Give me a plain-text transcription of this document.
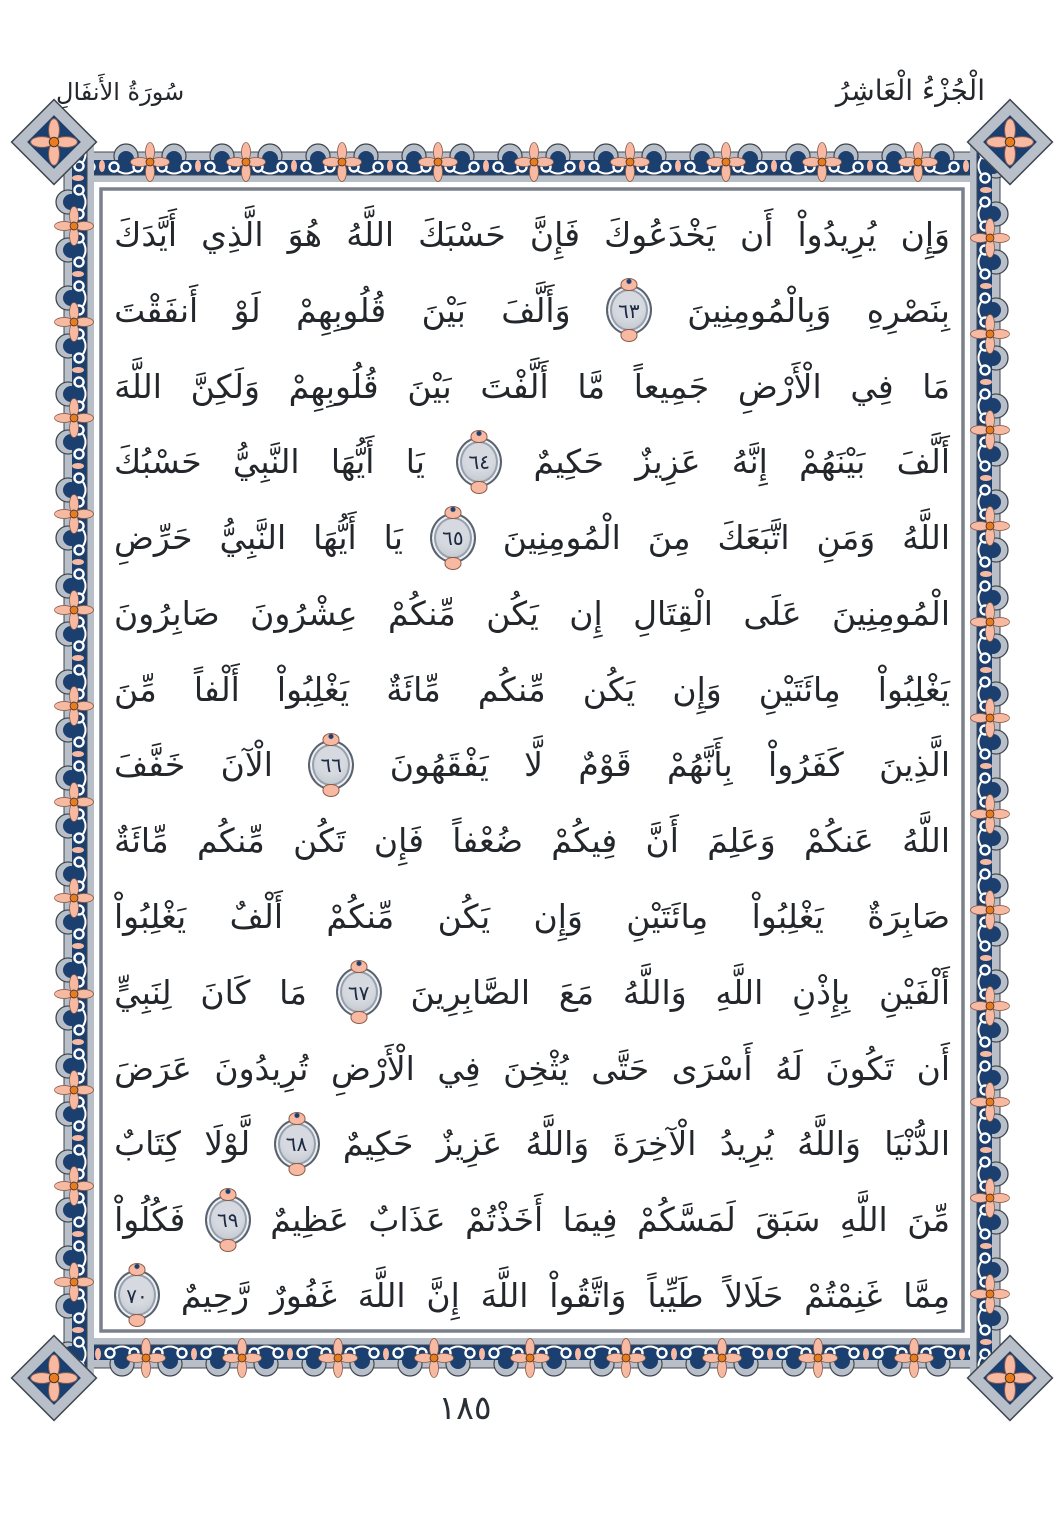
الْجُزْءُ الْعَاشِرُ
سُورَةُ الأَنفَالِ
وَإِن
يُرِيدُواْ
أَن
يَخْدَعُوكَ
فَإِنَّ
حَسْبَكَ
اللَّهُ
هُوَ
الَّذِي
أَيَّدَكَ
بِنَصْرِهِ
وَبِالْمُومِنِينَ
٦٣
وَأَلَّفَ
بَيْنَ
قُلُوبِهِمْ
لَوْ
أَنفَقْتَ
مَا
فِي
الْأَرْضِ
جَمِيعاً
مَّا
أَلَّفْتَ
بَيْنَ
قُلُوبِهِمْ
وَلَكِنَّ
اللَّهَ
أَلَّفَ
بَيْنَهُمْ
إِنَّهُ
عَزِيزٌ
حَكِيمٌ
٦٤
يَا
أَيُّهَا
النَّبِيُّ
حَسْبُكَ
اللَّهُ
وَمَنِ
اتَّبَعَكَ
مِنَ
الْمُومِنِينَ
٦٥
يَا
أَيُّهَا
النَّبِيُّ
حَرِّضِ
الْمُومِنِينَ
عَلَى
الْقِتَالِ
إِن
يَكُن
مِّنكُمْ
عِشْرُونَ
صَابِرُونَ
يَغْلِبُواْ
مِائَتَيْنِ
وَإِن
يَكُن
مِّنكُم
مِّائَةٌ
يَغْلِبُواْ
أَلْفاً
مِّنَ
الَّذِينَ
كَفَرُواْ
بِأَنَّهُمْ
قَوْمٌ
لَّا
يَفْقَهُونَ
٦٦
الْآنَ
خَفَّفَ
اللَّهُ
عَنكُمْ
وَعَلِمَ
أَنَّ
فِيكُمْ
ضُعْفاً
فَإِن
تَكُن
مِّنكُم
مِّائَةٌ
صَابِرَةٌ
يَغْلِبُواْ
مِائَتَيْنِ
وَإِن
يَكُن
مِّنكُمْ
أَلْفٌ
يَغْلِبُواْ
أَلْفَيْنِ
بِإِذْنِ
اللَّهِ
وَاللَّهُ
مَعَ
الصَّابِرِينَ
٦٧
مَا
كَانَ
لِنَبِيٍّ
أَن
تَكُونَ
لَهُ
أَسْرَى
حَتَّى
يُثْخِنَ
فِي
الْأَرْضِ
تُرِيدُونَ
عَرَضَ
الدُّنْيَا
وَاللَّهُ
يُرِيدُ
الْآخِرَةَ
وَاللَّهُ
عَزِيزٌ
حَكِيمٌ
٦٨
لَّوْلَا
كِتَابٌ
مِّنَ
اللَّهِ
سَبَقَ
لَمَسَّكُمْ
فِيمَا
أَخَذْتُمْ
عَذَابٌ
عَظِيمٌ
٦٩
فَكُلُواْ
مِمَّا
غَنِمْتُمْ
حَلَالاً
طَيِّباً
وَاتَّقُواْ
اللَّهَ
إِنَّ
اللَّهَ
غَفُورٌ
رَّحِيمٌ
٧٠
١٨٥
